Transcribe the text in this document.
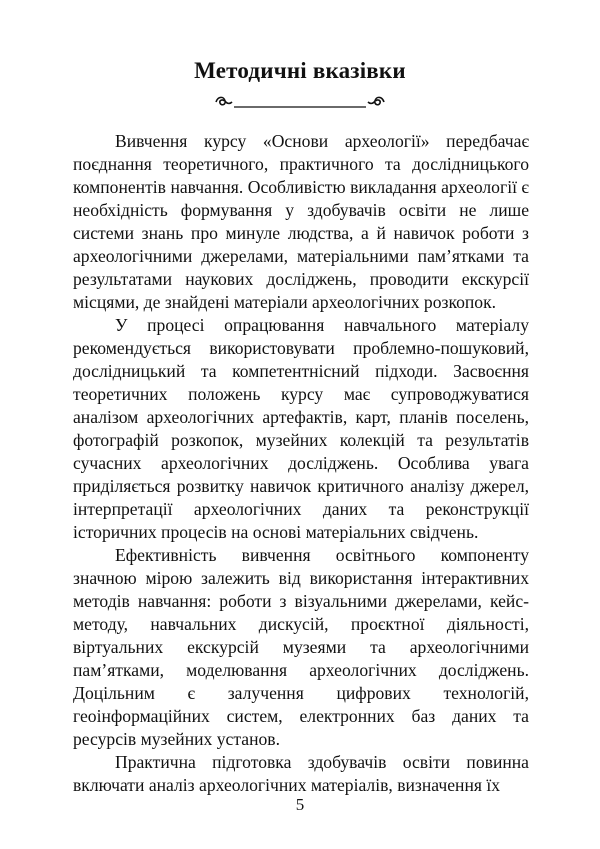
Методичні вказівки

Вивчення курсу «Основи археології» передбачає поєднання теоретичного, практичного та дослідницького компонентів навчання. Особливістю викладання археології є необхідність формування у здобувачів освіти не лише системи знань про минуле людства, а й навичок роботи з археологічними джерелами, матеріальними пам’ятками та результатами наукових досліджень, проводити екскурсії місцями, де знайдені матеріали археологічних розкопок.

У процесі опрацювання навчального матеріалу рекомендується використовувати проблемно-пошуковий, дослідницький та компетентнісний підходи. Засвоєння теоретичних положень курсу має супроводжуватися аналізом археологічних артефактів, карт, планів поселень, фотографій розкопок, музейних колекцій та результатів сучасних археологічних досліджень. Особлива увага приділяється розвитку навичок критичного аналізу джерел, інтерпретації археологічних даних та реконструкції історичних процесів на основі матеріальних свідчень.

Ефективність вивчення освітнього компоненту значною мірою залежить від використання інтерактивних методів навчання: роботи з візуальними джерелами, кейс-методу, навчальних дискусій, проєктної діяльності, віртуальних екскурсій музеями та археологічними пам’ятками, моделювання археологічних досліджень. Доцільним є залучення цифрових технологій, геоінформаційних систем, електронних баз даних та ресурсів музейних установ.

Практична підготовка здобувачів освіти повинна включати аналіз археологічних матеріалів, визначення їх

5
